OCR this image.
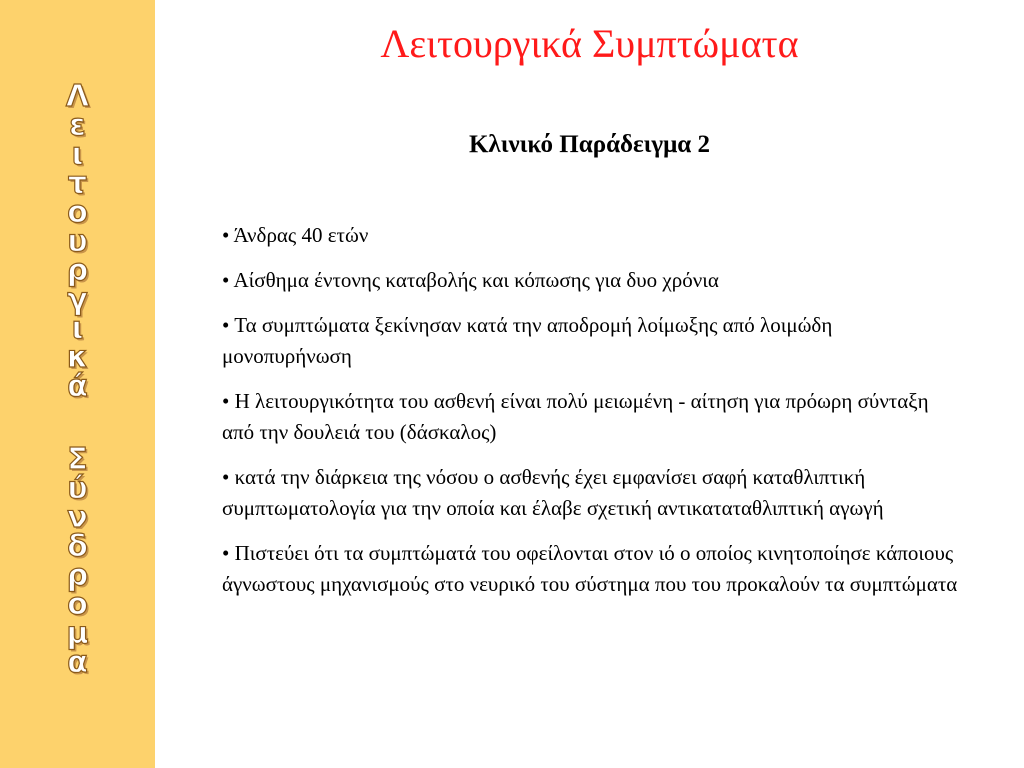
Λ
ε
ι
τ
ο
υ
ρ
γ
ι
κ
ά
Σ
ύ
ν
δ
ρ
ο
μ
α
Λειτουργικά Συμπτώματα
Κλινικό Παράδειγμα 2
• Άνδρας 40 ετών
• Αίσθημα έντονης καταβολής και κόπωσης για δυο χρόνια
• Τα συμπτώματα ξεκίνησαν κατά την αποδρομή λοίμωξης από λοιμώδη μονοπυρήνωση
• Η λειτουργικότητα του ασθενή είναι πολύ μειωμένη - αίτηση για πρόωρη σύνταξη από την δουλειά του (δάσκαλος)
• κατά την διάρκεια της νόσου ο ασθενής έχει εμφανίσει σαφή καταθλιπτική συμπτωματολογία για την οποία και έλαβε σχετική αντικαταταθλιπτική αγωγή
• Πιστεύει ότι τα συμπτώματά του οφείλονται στον ιό ο οποίος κινητοποίησε κάποιους άγνωστους μηχανισμούς στο νευρικό του σύστημα που του προκαλούν τα συμπτώματα
